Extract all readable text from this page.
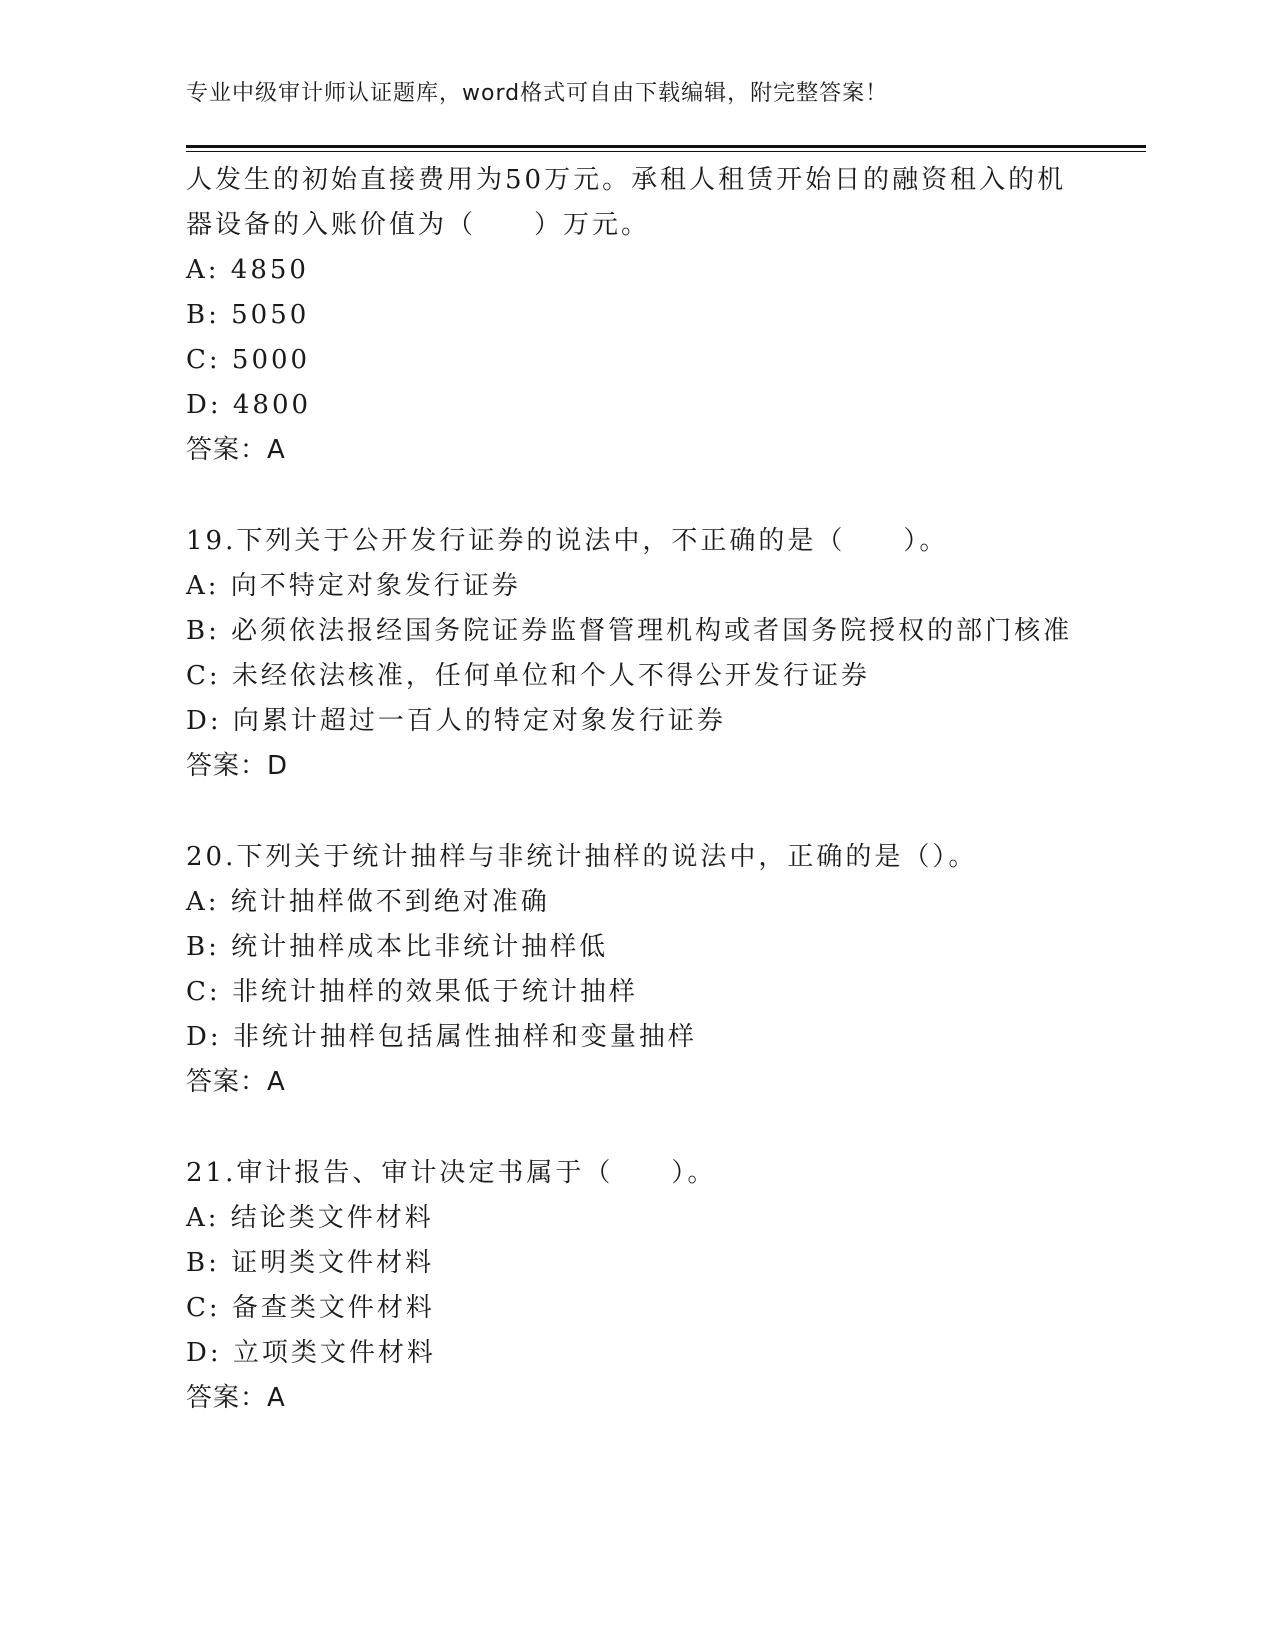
专业中级审计师认证题库，word格式可自由下载编辑，附完整答案！
人发生的初始直接费用为50万元。承租人租赁开始日的融资租入的机
器设备的入账价值为（　　）万元。
A: 4850
B: 5050
C: 5000
D: 4800
答案：A
19.下列关于公开发行证券的说法中，不正确的是（　　）。
A: 向不特定对象发行证券
B: 必须依法报经国务院证券监督管理机构或者国务院授权的部门核准
C: 未经依法核准，任何单位和个人不得公开发行证券
D: 向累计超过一百人的特定对象发行证券
答案：D
20.下列关于统计抽样与非统计抽样的说法中，正确的是（）。
A: 统计抽样做不到绝对准确
B: 统计抽样成本比非统计抽样低
C: 非统计抽样的效果低于统计抽样
D: 非统计抽样包括属性抽样和变量抽样
答案：A
21.审计报告、审计决定书属于（　　）。
A: 结论类文件材料
B: 证明类文件材料
C: 备查类文件材料
D: 立项类文件材料
答案：A
